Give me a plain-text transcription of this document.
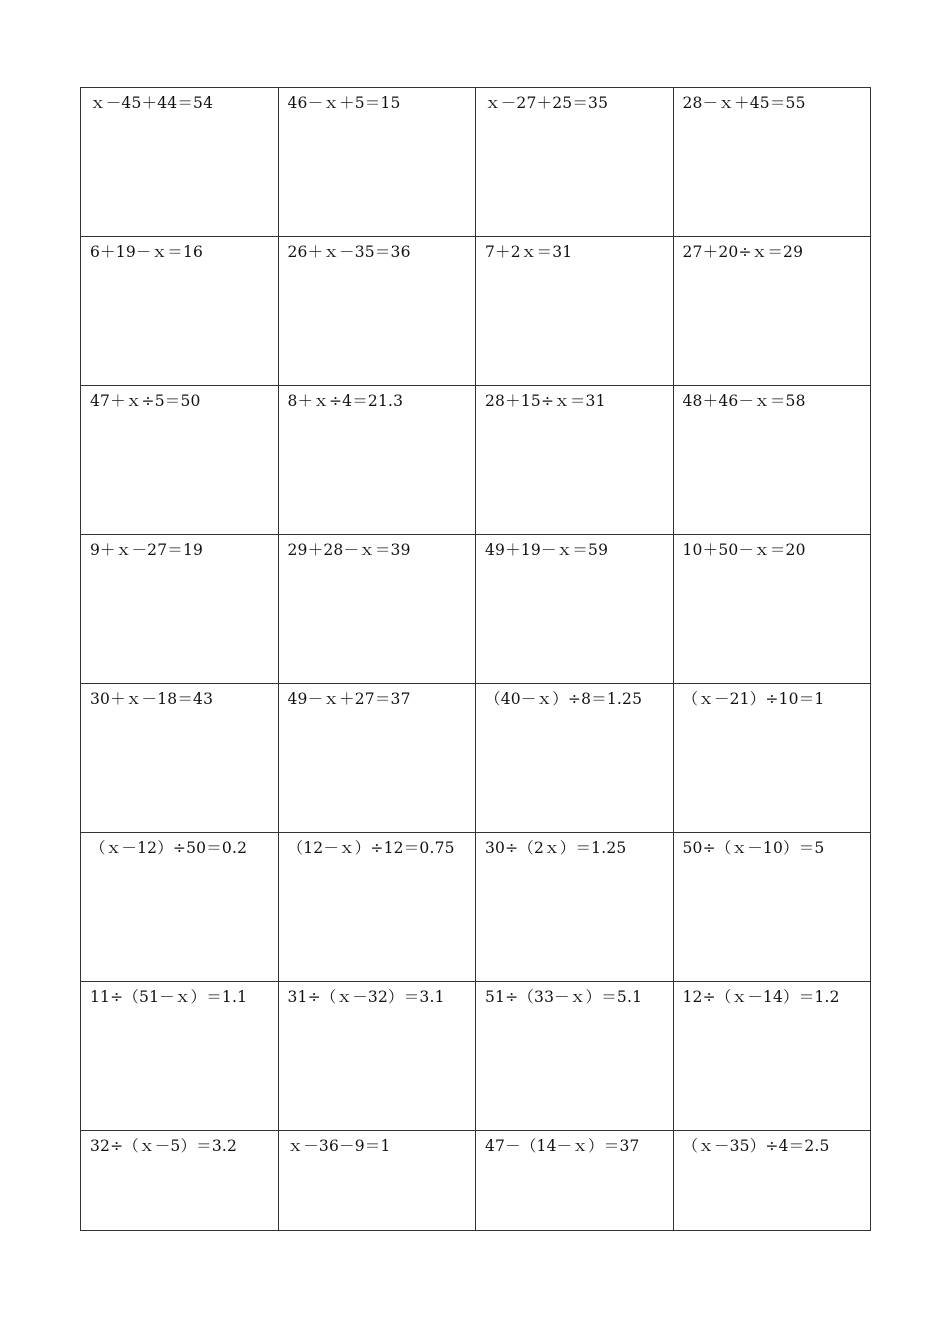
ｘ－45＋44＝54	46－ｘ＋5＝15	ｘ－27＋25＝35	28－ｘ＋45＝55

6＋19－ｘ＝16	26＋ｘ－35＝36	7＋2ｘ＝31	27＋20÷ｘ＝29

47＋ｘ÷5＝50	8＋ｘ÷4＝21.3	28＋15÷ｘ＝31	48＋46－ｘ＝58

9＋ｘ－27＝19	29＋28－ｘ＝39	49＋19－ｘ＝59	10＋50－ｘ＝20

30＋ｘ－18＝43	49－ｘ＋27＝37	（40－ｘ）÷8＝1.25	（ｘ－21）÷10＝1

（ｘ－12）÷50＝0.2	（12－ｘ）÷12＝0.75	30÷（2ｘ）＝1.25	50÷（ｘ－10）＝5

11÷（51－ｘ）＝1.1	31÷（ｘ－32）＝3.1	51÷（33－ｘ）＝5.1	12÷（ｘ－14）＝1.2

32÷（ｘ－5）＝3.2	ｘ－36－9＝1	47－（14－ｘ）＝37	（ｘ－35）÷4＝2.5
